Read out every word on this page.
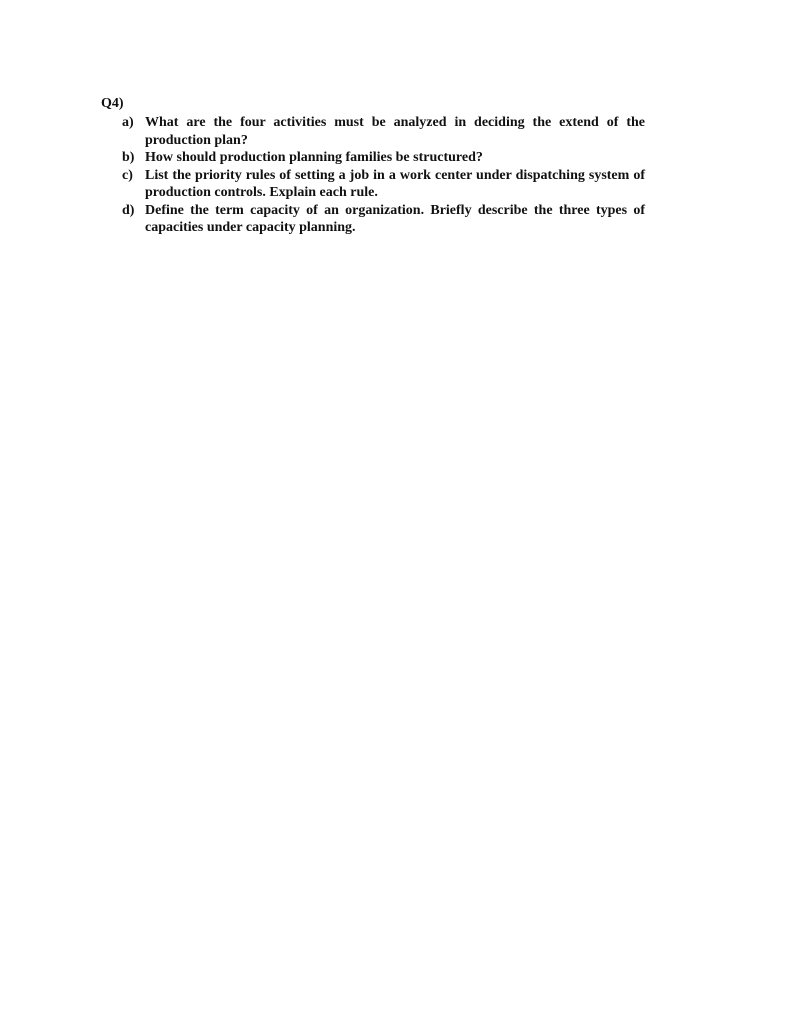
Q4)
a) What are the four activities must be analyzed in deciding the extend of the production plan?
b) How should production planning families be structured?
c) List the priority rules of setting a job in a work center under dispatching system of production controls. Explain each rule.
d) Define the term capacity of an organization. Briefly describe the three types of capacities under capacity planning.
